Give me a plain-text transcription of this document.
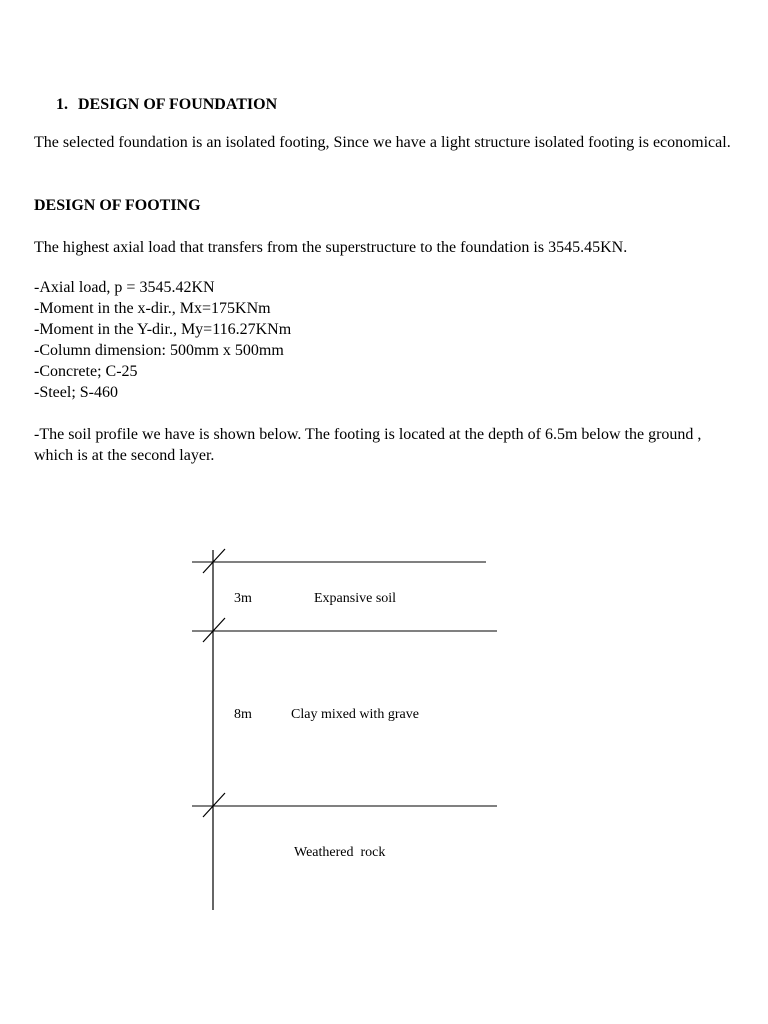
1. DESIGN OF FOUNDATION
The selected foundation is an isolated footing, Since we have a light structure isolated footing is economical.
DESIGN OF FOOTING
The highest axial load that transfers from the superstructure to the foundation is 3545.45KN.
-Axial load, p = 3545.42KN
-Moment in the x-dir., Mx=175KNm
-Moment in the Y-dir., My=116.27KNm
-Column dimension: 500mm x 500mm
-Concrete; C-25
-Steel; S-460
-The soil profile we have is shown below. The footing is located at the depth of 6.5m below the ground , which is at the second layer.
3m	Expansive soil
8m	Clay mixed with grave
Weathered  rock
